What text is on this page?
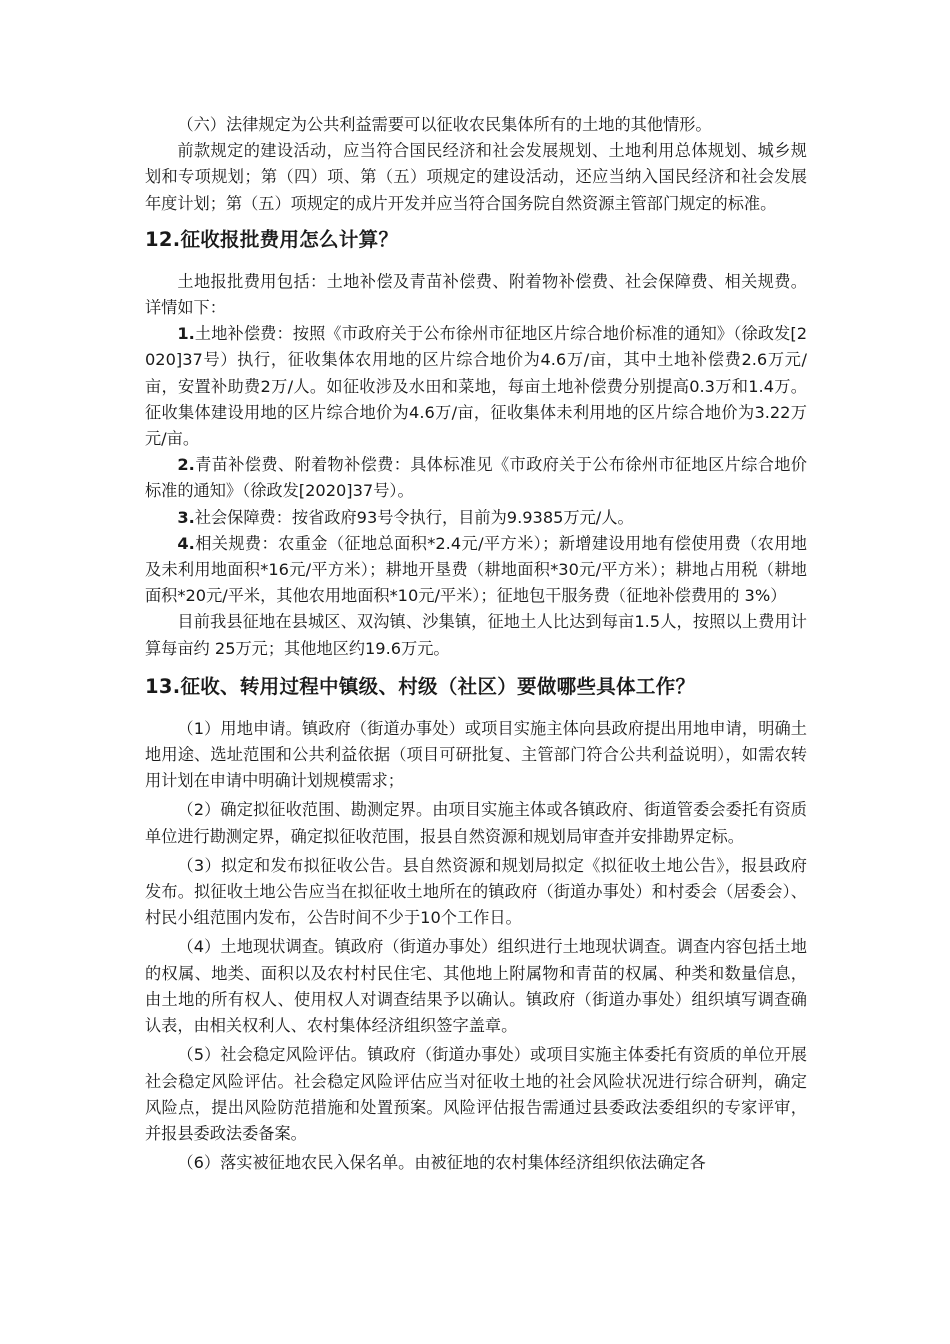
（六）法律规定为公共利益需要可以征收农民集体所有的土地的其他情形。

前款规定的建设活动，应当符合国民经济和社会发展规划、土地利用总体规划、城乡规划和专项规划；第（四）项、第（五）项规定的建设活动，还应当纳入国民经济和社会发展年度计划；第（五）项规定的成片开发并应当符合国务院自然资源主管部门规定的标准。

12.征收报批费用怎么计算？

土地报批费用包括：土地补偿及青苗补偿费、附着物补偿费、社会保障费、相关规费。详情如下：

1.土地补偿费：按照《市政府关于公布徐州市征地区片综合地价标准的通知》（徐政发[2020]37号）执行，征收集体农用地的区片综合地价为4.6万/亩，其中土地补偿费2.6万元/亩，安置补助费2万/人。如征收涉及水田和菜地，每亩土地补偿费分别提高0.3万和1.4万。征收集体建设用地的区片综合地价为4.6万/亩，征收集体未利用地的区片综合地价为3.22万元/亩。

2.青苗补偿费、附着物补偿费：具体标准见《市政府关于公布徐州市征地区片综合地价标准的通知》（徐政发[2020]37号）。

3.社会保障费：按省政府93号令执行，目前为9.9385万元/人。

4.相关规费：农重金（征地总面积*2.4元/平方米）；新增建设用地有偿使用费（农用地及未利用地面积*16元/平方米）；耕地开垦费（耕地面积*30元/平方米）；耕地占用税（耕地面积*20元/平米，其他农用地面积*10元/平米）；征地包干服务费（征地补偿费用的 3%）

目前我县征地在县城区、双沟镇、沙集镇，征地土人比达到每亩1.5人，按照以上费用计算每亩约 25万元；其他地区约19.6万元。

13.征收、转用过程中镇级、村级（社区）要做哪些具体工作？

（1）用地申请。镇政府（街道办事处）或项目实施主体向县政府提出用地申请，明确土地用途、选址范围和公共利益依据（项目可研批复、主管部门符合公共利益说明），如需农转用计划在申请中明确计划规模需求；

（2）确定拟征收范围、勘测定界。由项目实施主体或各镇政府、街道管委会委托有资质单位进行勘测定界，确定拟征收范围，报县自然资源和规划局审查并安排勘界定标。

（3）拟定和发布拟征收公告。县自然资源和规划局拟定《拟征收土地公告》，报县政府发布。拟征收土地公告应当在拟征收土地所在的镇政府（街道办事处）和村委会（居委会）、村民小组范围内发布，公告时间不少于10个工作日。

（4）土地现状调查。镇政府（街道办事处）组织进行土地现状调查。调查内容包括土地的权属、地类、面积以及农村村民住宅、其他地上附属物和青苗的权属、种类和数量信息，由土地的所有权人、使用权人对调查结果予以确认。镇政府（街道办事处）组织填写调查确认表，由相关权利人、农村集体经济组织签字盖章。

（5）社会稳定风险评估。镇政府（街道办事处）或项目实施主体委托有资质的单位开展社会稳定风险评估。社会稳定风险评估应当对征收土地的社会风险状况进行综合研判，确定风险点，提出风险防范措施和处置预案。风险评估报告需通过县委政法委组织的专家评审，并报县委政法委备案。

（6）落实被征地农民入保名单。由被征地的农村集体经济组织依法确定各
